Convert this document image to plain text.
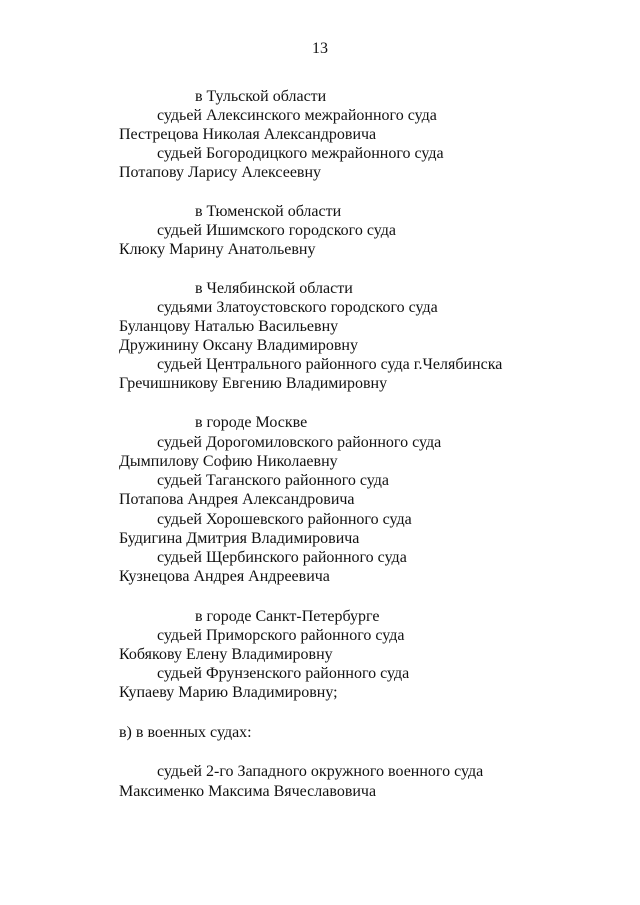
13
в Тульской области
судьей Алексинского межрайонного суда
Пестрецова Николая Александровича
судьей Богородицкого межрайонного суда
Потапову Ларису Алексеевну
в Тюменской области
судьей Ишимского городского суда
Клюку Марину Анатольевну
в Челябинской области
судьями Златоустовского городского суда
Буланцову Наталью Васильевну
Дружинину Оксану Владимировну
судьей Центрального районного суда г.Челябинска
Гречишникову Евгению Владимировну
в городе Москве
судьей Дорогомиловского районного суда
Дымпилову Софию Николаевну
судьей Таганского районного суда
Потапова Андрея Александровича
судьей Хорошевского районного суда
Будигина Дмитрия Владимировича
судьей Щербинского районного суда
Кузнецова Андрея Андреевича
в городе Санкт-Петербурге
судьей Приморского районного суда
Кобякову Елену Владимировну
судьей Фрунзенского районного суда
Купаеву Марию Владимировну;
в) в военных судах:
судьей 2-го Западного окружного военного суда
Максименко Максима Вячеславовича
